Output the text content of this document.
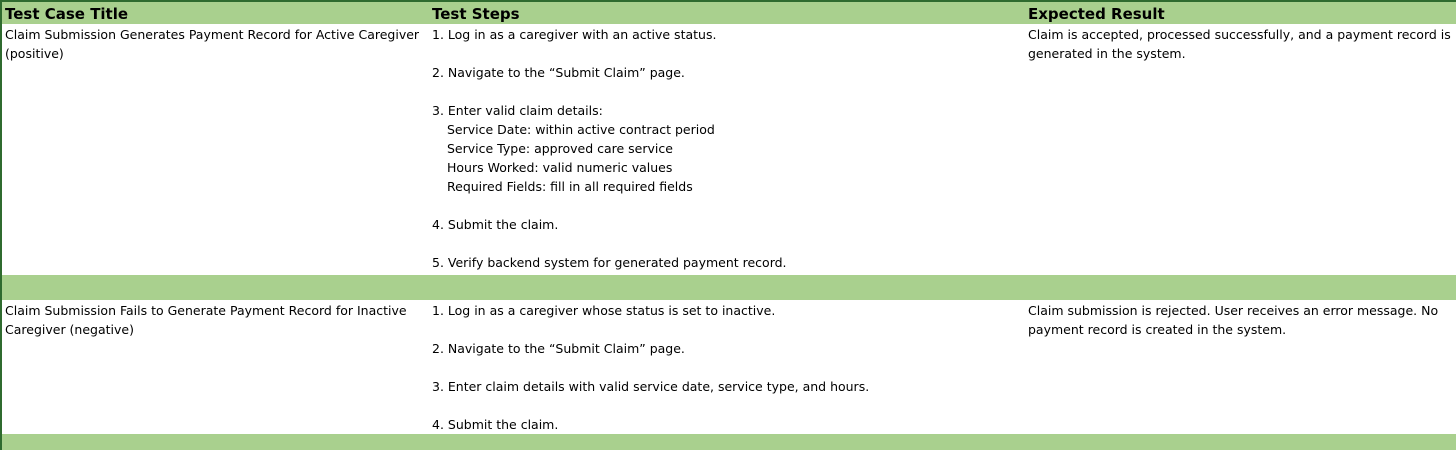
Test Case Title	Test Steps	Expected Result
Claim Submission Generates Payment Record for Active Caregiver
(positive)
1. Log in as a caregiver with an active status.
2. Navigate to the “Submit Claim” page.
3. Enter valid claim details:
Service Date: within active contract period
Service Type: approved care service
Hours Worked: valid numeric values
Required Fields: fill in all required fields
4. Submit the claim.
5. Verify backend system for generated payment record.
Claim is accepted, processed successfully, and a payment record is
generated in the system.
Claim Submission Fails to Generate Payment Record for Inactive
Caregiver (negative)
1. Log in as a caregiver whose status is set to inactive.
2. Navigate to the “Submit Claim” page.
3. Enter claim details with valid service date, service type, and hours.
4. Submit the claim.
Claim submission is rejected. User receives an error message. No
payment record is created in the system.
